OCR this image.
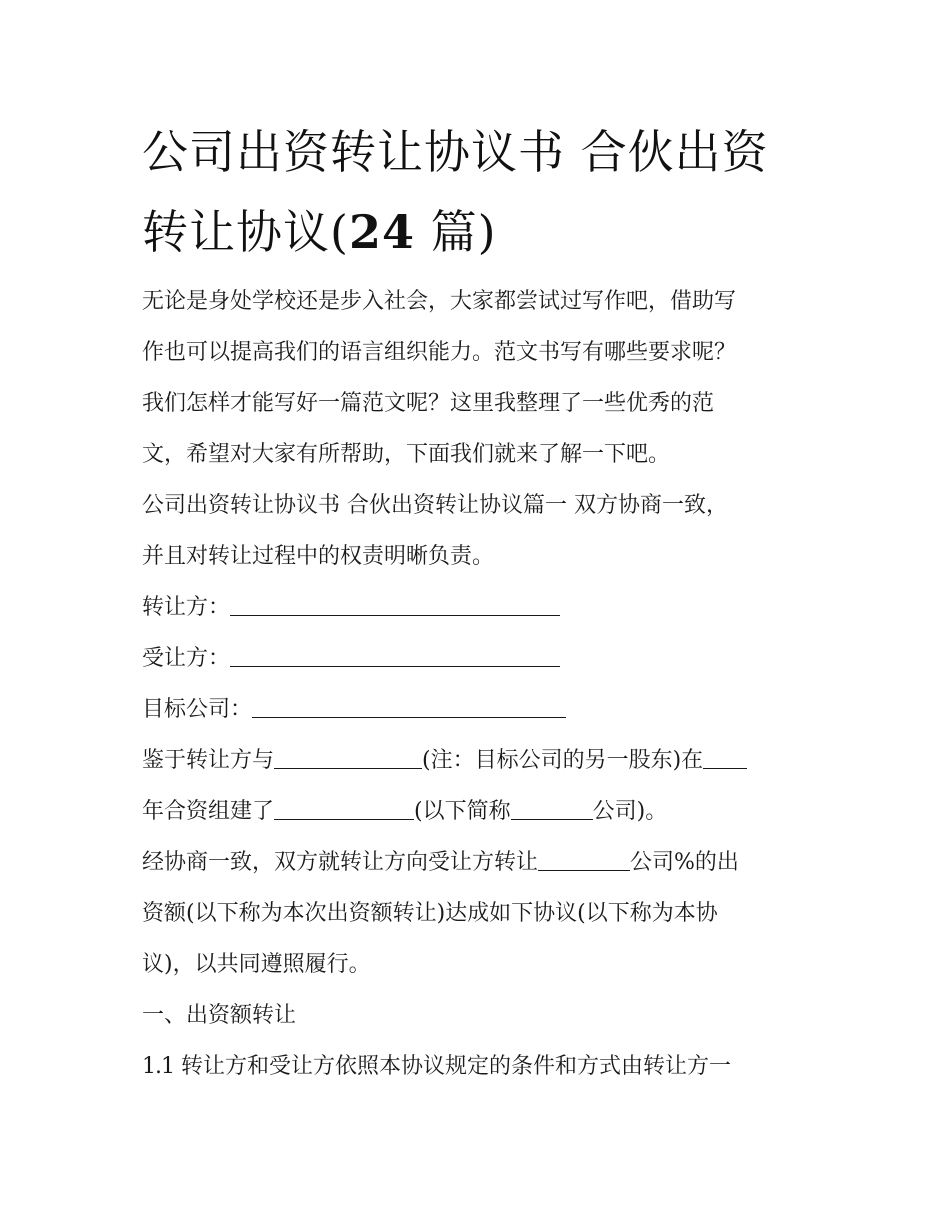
公司出资转让协议书 合伙出资
转让协议(24 篇)
无论是身处学校还是步入社会，大家都尝试过写作吧，借助写
作也可以提高我们的语言组织能力。范文书写有哪些要求呢？
我们怎样才能写好一篇范文呢？这里我整理了一些优秀的范
文，希望对大家有所帮助，下面我们就来了解一下吧。
公司出资转让协议书 合伙出资转让协议篇一 双方协商一致，
并且对转让过程中的权责明晰负责。
转让方：
受让方：
目标公司：
鉴于转让方与	(注：目标公司的另一股东)在
年合资组建了	(以下简称	公司)。
经协商一致，双方就转让方向受让方转让	公司%的出
资额(以下称为本次出资额转让)达成如下协议(以下称为本协
议)，以共同遵照履行。
一、出资额转让
1.1 转让方和受让方依照本协议规定的条件和方式由转让方一
